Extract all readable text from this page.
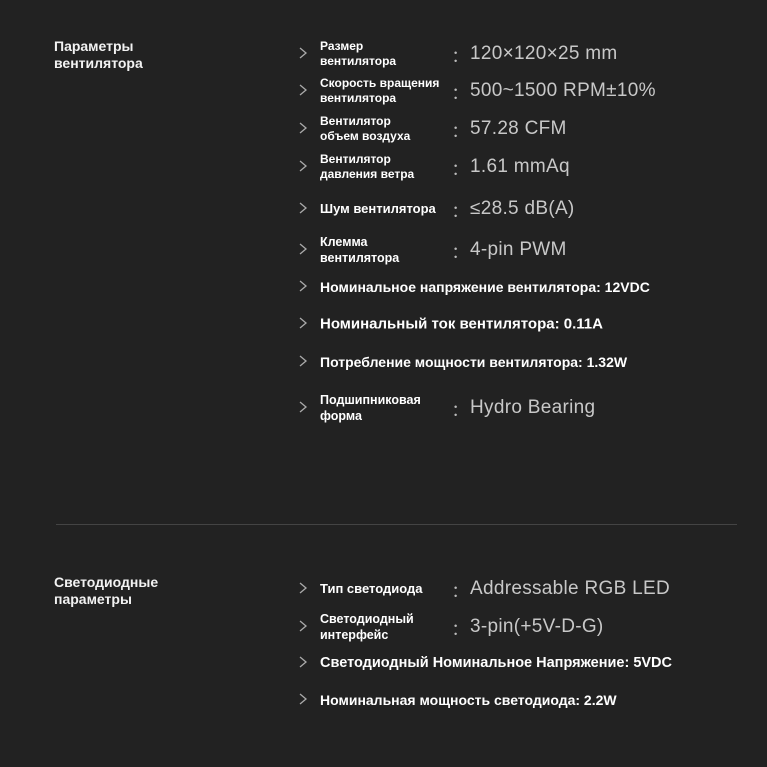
Параметры
вентилятора
Размер
вентилятора	： 120×120×25 mm
Скорость вращения
вентилятора	： 500~1500 RPM±10%
Вентилятор
объем воздуха	： 57.28 CFM
Вентилятор
давления ветра	： 1.61 mmAq
Шум вентилятора ： ≤28.5 dB(A)
Клемма
вентилятора	： 4-pin PWM
Номинальное напряжение вентилятора: 12VDC
Номинальный ток вентилятора: 0.11A
Потребление мощности вентилятора: 1.32W
Подшипниковая
форма	： Hydro Bearing
Светодиодные
параметры
Тип светодиода	： Addressable RGB LED
Светодиодный
интерфейс	： 3-pin(+5V-D-G)
Светодиодный Номинальное Напряжение: 5VDC
Номинальная мощность светодиода: 2.2W
